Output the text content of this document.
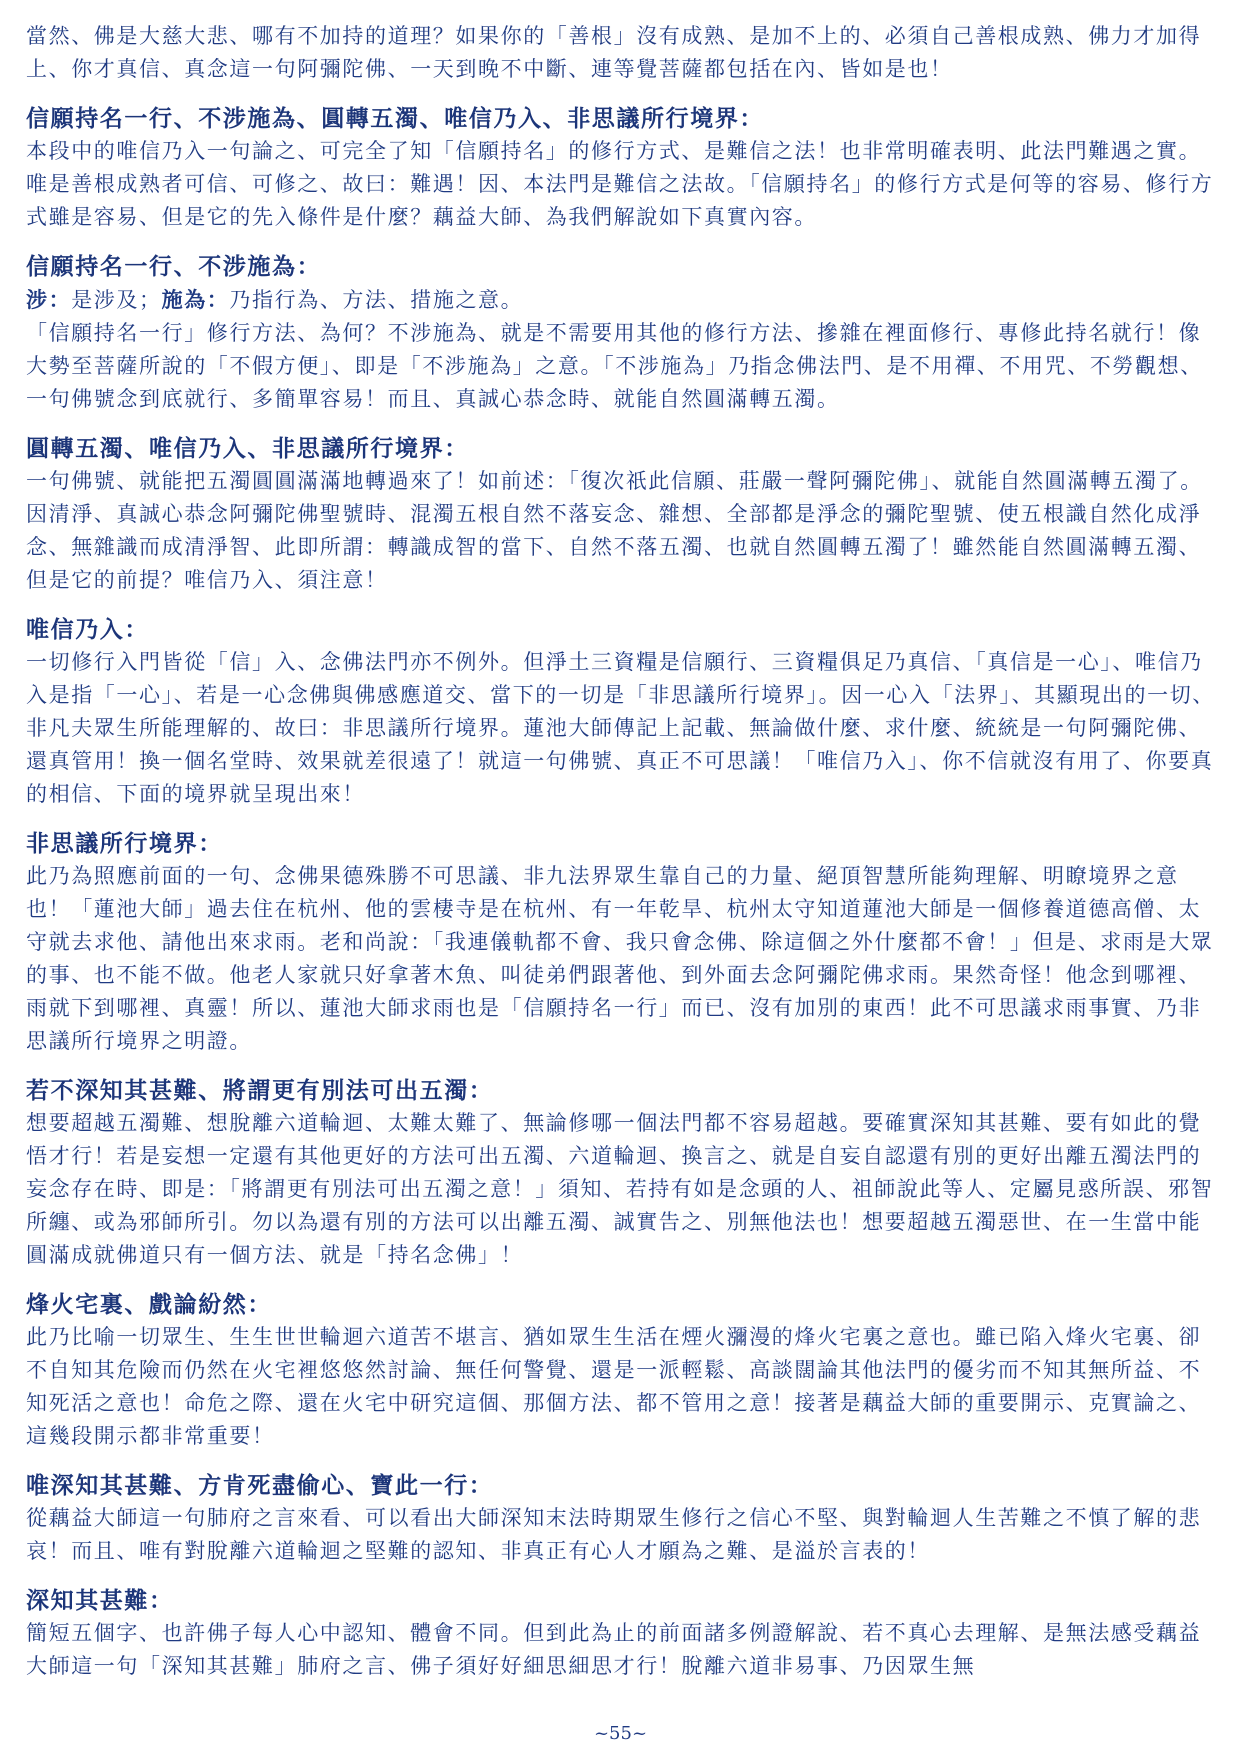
當然、佛是大慈大悲、哪有不加持的道理？如果你的「善根」沒有成熟、是加不上的、必須自己善根成熟、佛力才加得上、你才真信、真念這一句阿彌陀佛、一天到晚不中斷、連等覺菩薩都包括在內、皆如是也！

信願持名一行、不涉施為、圓轉五濁、唯信乃入、非思議所行境界：

本段中的唯信乃入一句論之、可完全了知「信願持名」的修行方式、是難信之法！也非常明確表明、此法門難遇之實。唯是善根成熟者可信、可修之、故曰：難遇！因、本法門是難信之法故。「信願持名」的修行方式是何等的容易、修行方式雖是容易、但是它的先入條件是什麼？藕益大師、為我們解說如下真實內容。

信願持名一行、不涉施為：

涉：是涉及；施為：乃指行為、方法、措施之意。

「信願持名一行」修行方法、為何？不涉施為、就是不需要用其他的修行方法、摻雜在裡面修行、專修此持名就行！像大勢至菩薩所說的「不假方便」、即是「不涉施為」之意。「不涉施為」乃指念佛法門、是不用禪、不用咒、不勞觀想、一句佛號念到底就行、多簡單容易！而且、真誠心恭念時、就能自然圓滿轉五濁。

圓轉五濁、唯信乃入、非思議所行境界：

一句佛號、就能把五濁圓圓滿滿地轉過來了！如前述：「復次祇此信願、莊嚴一聲阿彌陀佛」、就能自然圓滿轉五濁了。因清淨、真誠心恭念阿彌陀佛聖號時、混濁五根自然不落妄念、雜想、全部都是淨念的彌陀聖號、使五根識自然化成淨念、無雜識而成清淨智、此即所謂：轉識成智的當下、自然不落五濁、也就自然圓轉五濁了！雖然能自然圓滿轉五濁、但是它的前提？唯信乃入、須注意！

唯信乃入：

一切修行入門皆從「信」入、念佛法門亦不例外。但淨土三資糧是信願行、三資糧俱足乃真信、「真信是一心」、唯信乃入是指「一心」、若是一心念佛與佛感應道交、當下的一切是「非思議所行境界」。因一心入「法界」、其顯現出的一切、非凡夫眾生所能理解的、故曰：非思議所行境界。蓮池大師傳記上記載、無論做什麼、求什麼、統統是一句阿彌陀佛、還真管用！換一個名堂時、效果就差很遠了！就這一句佛號、真正不可思議！「唯信乃入」、你不信就沒有用了、你要真的相信、下面的境界就呈現出來！

非思議所行境界：

此乃為照應前面的一句、念佛果德殊勝不可思議、非九法界眾生靠自己的力量、絕頂智慧所能夠理解、明瞭境界之意也！「蓮池大師」過去住在杭州、他的雲棲寺是在杭州、有一年乾旱、杭州太守知道蓮池大師是一個修養道德高僧、太守就去求他、請他出來求雨。老和尚說：「我連儀軌都不會、我只會念佛、除這個之外什麼都不會！」但是、求雨是大眾的事、也不能不做。他老人家就只好拿著木魚、叫徒弟們跟著他、到外面去念阿彌陀佛求雨。果然奇怪！他念到哪裡、雨就下到哪裡、真靈！所以、蓮池大師求雨也是「信願持名一行」而已、沒有加別的東西！此不可思議求雨事實、乃非思議所行境界之明證。

若不深知其甚難、將謂更有別法可出五濁：

想要超越五濁難、想脫離六道輪迴、太難太難了、無論修哪一個法門都不容易超越。要確實深知其甚難、要有如此的覺悟才行！若是妄想一定還有其他更好的方法可出五濁、六道輪迴、換言之、就是自妄自認還有別的更好出離五濁法門的妄念存在時、即是：「將謂更有別法可出五濁之意！」須知、若持有如是念頭的人、祖師說此等人、定屬見惑所誤、邪智所纏、或為邪師所引。勿以為還有別的方法可以出離五濁、誠實告之、別無他法也！想要超越五濁惡世、在一生當中能圓滿成就佛道只有一個方法、就是「持名念佛」！

烽火宅裏、戲論紛然：

此乃比喻一切眾生、生生世世輪迴六道苦不堪言、猶如眾生生活在煙火瀰漫的烽火宅裏之意也。雖已陷入烽火宅裏、卻不自知其危險而仍然在火宅裡悠悠然討論、無任何警覺、還是一派輕鬆、高談闊論其他法門的優劣而不知其無所益、不知死活之意也！命危之際、還在火宅中研究這個、那個方法、都不管用之意！接著是藕益大師的重要開示、克實論之、這幾段開示都非常重要！

唯深知其甚難、方肯死盡偷心、寶此一行：

從藕益大師這一句肺府之言來看、可以看出大師深知末法時期眾生修行之信心不堅、與對輪迴人生苦難之不慎了解的悲哀！而且、唯有對脫離六道輪迴之堅難的認知、非真正有心人才願為之難、是溢於言表的！

深知其甚難：

簡短五個字、也許佛子每人心中認知、體會不同。但到此為止的前面諸多例證解說、若不真心去理解、是無法感受藕益大師這一句「深知其甚難」肺府之言、佛子須好好細思細思才行！脫離六道非易事、乃因眾生無

~55~
